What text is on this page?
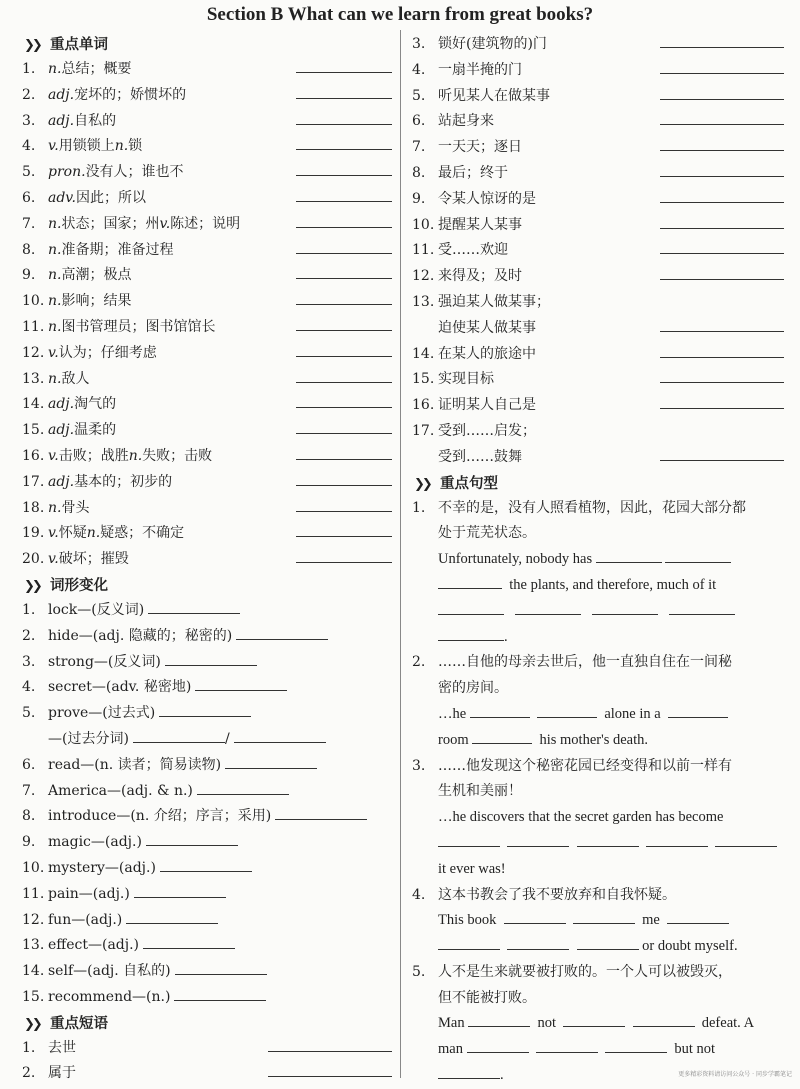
Section B What can we learn from great books?
❯❯ 重点单词
1. n. 总结；概要
2. adj. 宠坏的；娇惯坏的
3. adj. 自私的
4. v. 用锁锁上 n. 锁
5. pron. 没有人；谁也不
6. adv. 因此；所以
7. n. 状态；国家；州 v. 陈述；说明
8. n. 准备期；准备过程
9. n. 高潮；极点
10. n. 影响；结果
11. n. 图书管理员；图书馆馆长
12. v. 认为；仔细考虑
13. n. 敌人
14. adj. 淘气的
15. adj. 温柔的
16. v. 击败；战胜 n. 失败；击败
17. adj. 基本的；初步的
18. n. 骨头
19. v. 怀疑 n. 疑惑；不确定
20. v. 破坏；摧毁
❯❯ 词形变化
1. lock—(反义词)
2. hide—(adj. 隐藏的；秘密的)
3. strong—(反义词)
4. secret—(adv. 秘密地)
5. prove—(过去式)
—(过去分词)	/
6. read—(n. 读者；简易读物)
7. America—(adj. & n.)
8. introduce—(n. 介绍；序言；采用)
9. magic—(adj.)
10. mystery—(adj.)
11. pain—(adj.)
12. fun—(adj.)
13. effect—(adj.)
14. self—(adj. 自私的)
15. recommend—(n.)
❯❯ 重点短语
1. 去世
2. 属于
3. 锁好(建筑物的)门
4. 一扇半掩的门
5. 听见某人在做某事
6. 站起身来
7. 一天天；逐日
8. 最后；终于
9. 令某人惊讶的是
10. 提醒某人某事
11. 受……欢迎
12. 来得及；及时
13. 强迫某人做某事；
迫使某人做某事
14. 在某人的旅途中
15. 实现目标
16. 证明某人自己是
17. 受到……启发；
受到……鼓舞
❯❯ 重点句型
1. 不幸的是，没有人照看植物，因此，花园大部分都
处于荒芜状态。
Unfortunately, nobody has

the plants, and therefore, much of it

.
2. ……自他的母亲去世后，他一直独自住在一间秘
密的房间。
…he

	alone in a

room

	his mother's death.
3. ……他发现这个秘密花园已经变得和以前一样有
生机和美丽！
…he discovers that the secret garden has become

it ever was!
4. 这本书教会了我不要放弃和自我怀疑。
This book

	me

or doubt myself.
5. 人不是生来就要被打败的。一个人可以被毁灭，
但不能被打败。
Man

	not

	defeat. A
man

	but not
.	更多精彩资料请访问公众号 · 同步学霸笔记
